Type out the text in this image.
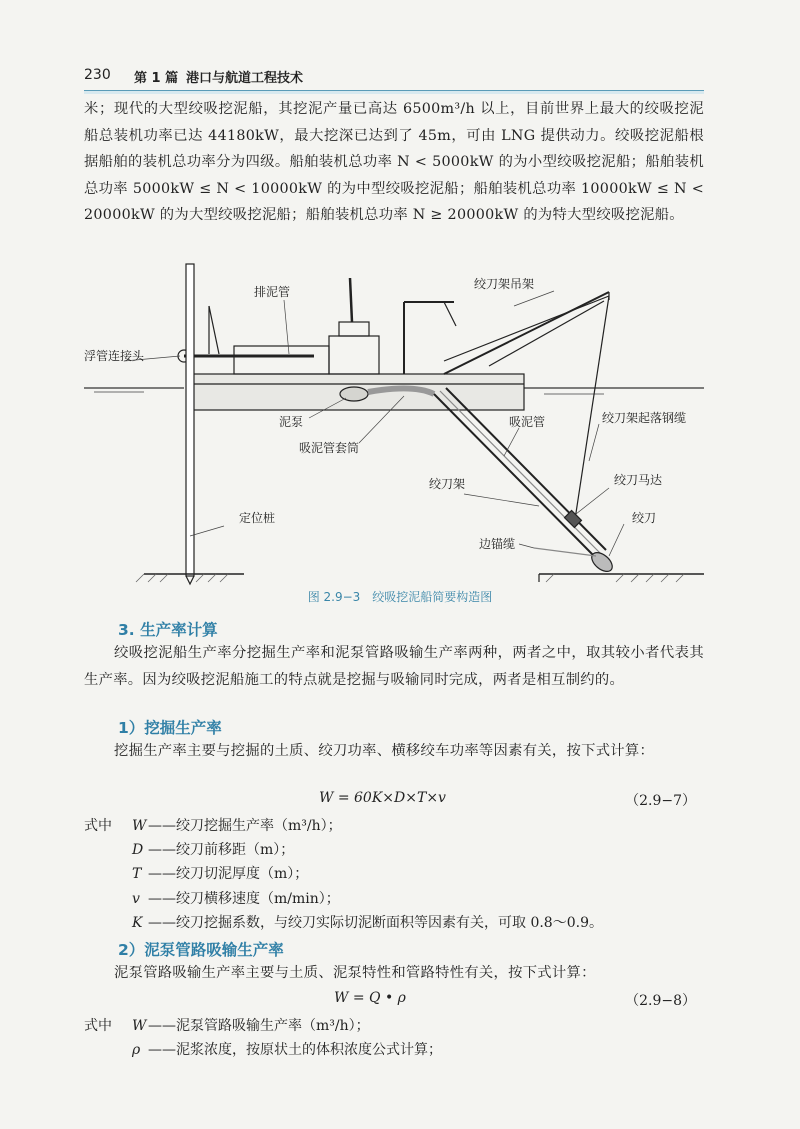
230 第 1 篇 港口与航道工程技术
米；现代的大型绞吸挖泥船，其挖泥产量已高达 6500m³/h 以上，目前世界上最大的绞吸挖泥船总装机功率已达 44180kW，最大挖深已达到了 45m，可由 LNG 提供动力。绞吸挖泥船根据船舶的装机总功率分为四级。船舶装机总功率 N < 5000kW 的为小型绞吸挖泥船；船舶装机总功率 5000kW ≤ N < 10000kW 的为中型绞吸挖泥船；船舶装机总功率 10000kW ≤ N < 20000kW 的为大型绞吸挖泥船；船舶装机总功率 N ≥ 20000kW 的为特大型绞吸挖泥船。
排泥管
绞刀架吊架
浮管连接头
泥泵	吸泥管
吸泥管套筒
绞刀架起落钢缆
绞刀架	绞刀马达
定位桩	绞刀
边锚缆
图 2.9−3　绞吸挖泥船简要构造图
3. 生产率计算
绞吸挖泥船生产率分挖掘生产率和泥泵管路吸输生产率两种，两者之中，取其较小者代表其生产率。因为绞吸挖泥船施工的特点就是挖掘与吸输同时完成，两者是相互制约的。
1）挖掘生产率
挖掘生产率主要与挖掘的土质、绞刀功率、横移绞车功率等因素有关，按下式计算：
W = 60K×D×T×v	（2.9−7）
式中 W ——绞刀挖掘生产率（m³/h）；
D ——绞刀前移距（m）；
T ——绞刀切泥厚度（m）；
v ——绞刀横移速度（m/min）；
K ——绞刀挖掘系数，与绞刀实际切泥断面积等因素有关，可取 0.8～0.9。
2）泥泵管路吸输生产率
泥泵管路吸输生产率主要与土质、泥泵特性和管路特性有关，按下式计算：
W = Q • ρ	（2.9−8）
式中 W ——泥泵管路吸输生产率（m³/h）；
ρ ——泥浆浓度，按原状土的体积浓度公式计算；
